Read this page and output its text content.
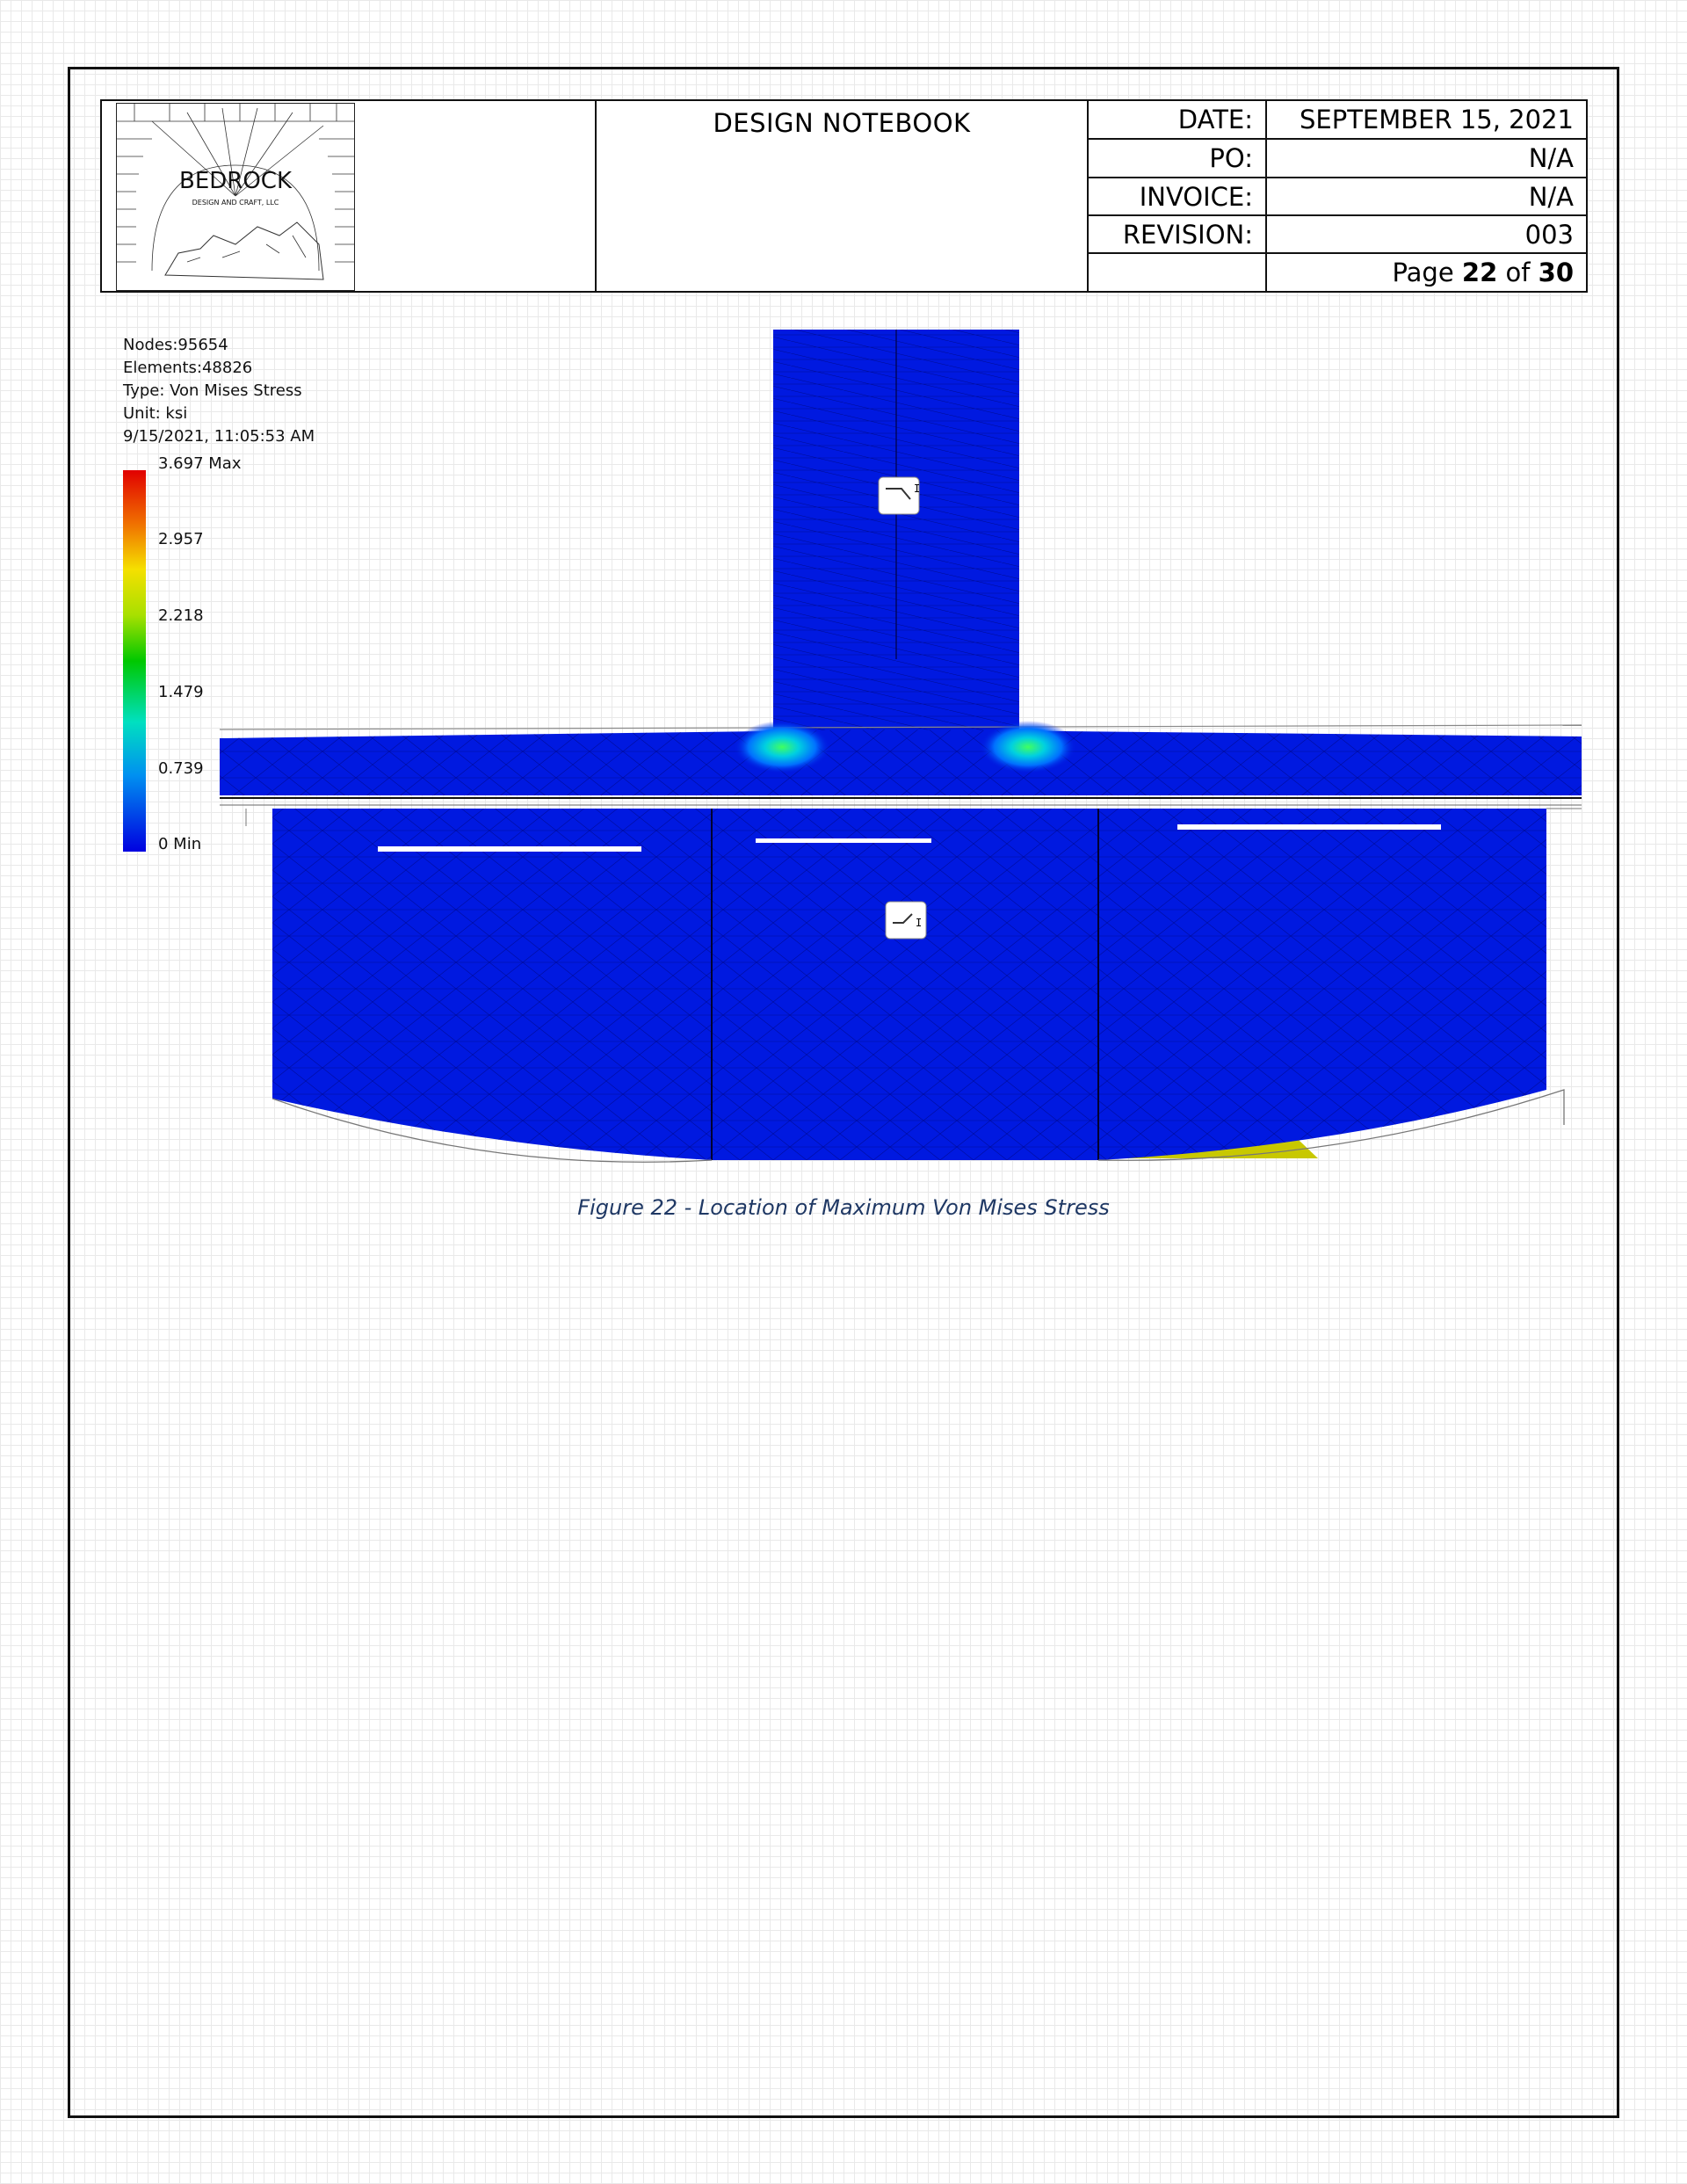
BEDROCK
DESIGN AND CRAFT, LLC
DESIGN NOTEBOOK	DATE:	SEPTEMBER 15, 2021
PO:	N/A
INVOICE:	N/A
REVISION:	003
Page 22 of 30
I
I
Nodes:95654
Elements:48826
Type: Von Mises Stress
Unit: ksi
9/15/2021, 11:05:53 AM
3.697 Max
2.957
2.218
1.479
0.739
0 Min
Figure 22 - Location of Maximum Von Mises Stress
